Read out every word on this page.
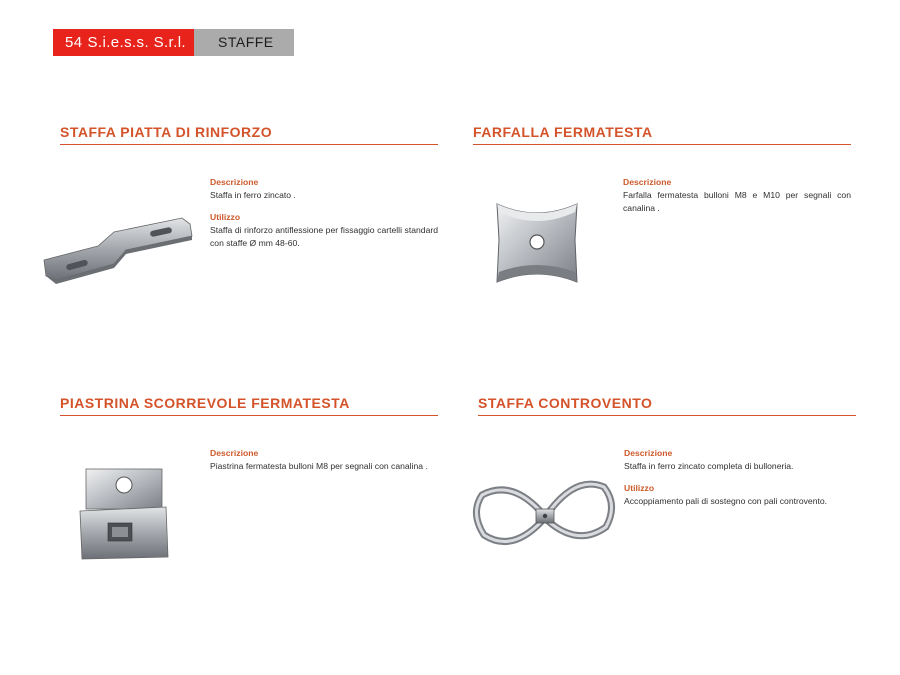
54 S.i.e.s.s. S.r.l.	STAFFE
STAFFA PIATTA DI RINFORZO
Descrizione
Staffa in ferro zincato .
Utilizzo
Staffa di rinforzo antiflessione per fissaggio cartelli standard con staffe Ø mm 48-60.
FARFALLA FERMATESTA
Descrizione
Farfalla fermatesta bulloni M8 e M10 per segnali con canalina .
PIASTRINA SCORREVOLE FERMATESTA
Descrizione
Piastrina fermatesta bulloni M8 per segnali con canalina .
STAFFA CONTROVENTO
Descrizione
Staffa in ferro zincato completa di bulloneria.
Utilizzo
Accoppiamento pali di sostegno con pali controvento.
